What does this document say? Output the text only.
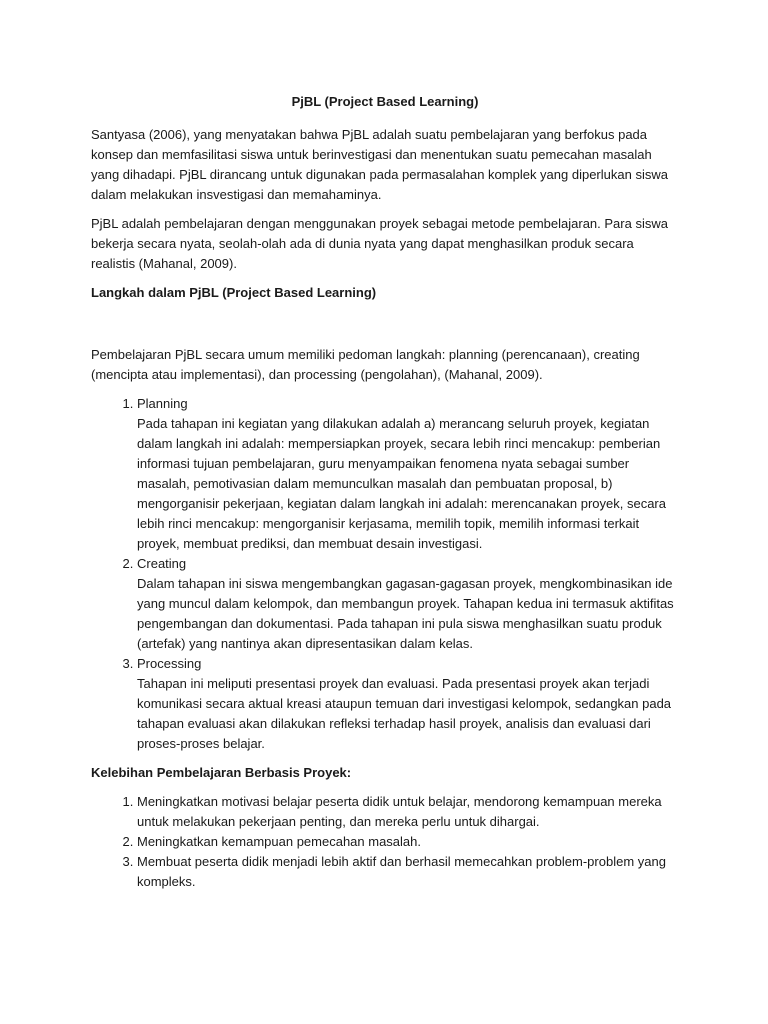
PjBL (Project Based Learning)

Santyasa (2006), yang menyatakan bahwa PjBL adalah suatu pembelajaran yang berfokus pada konsep dan memfasilitasi siswa untuk berinvestigasi dan menentukan suatu pemecahan masalah yang dihadapi. PjBL dirancang untuk digunakan pada permasalahan komplek yang diperlukan siswa dalam melakukan insvestigasi dan memahaminya.

PjBL adalah pembelajaran dengan menggunakan proyek sebagai metode pembelajaran. Para siswa bekerja secara nyata, seolah-olah ada di dunia nyata yang dapat menghasilkan produk secara realistis (Mahanal, 2009).

Langkah dalam PjBL (Project Based Learning)

Pembelajaran PjBL secara umum memiliki pedoman langkah: planning (perencanaan), creating (mencipta atau implementasi), dan processing (pengolahan), (Mahanal, 2009).

1. Planning
Pada tahapan ini kegiatan yang dilakukan adalah a) merancang seluruh proyek, kegiatan dalam langkah ini adalah: mempersiapkan proyek, secara lebih rinci mencakup: pemberian informasi tujuan pembelajaran, guru menyampaikan fenomena nyata sebagai sumber masalah, pemotivasian dalam memunculkan masalah dan pembuatan proposal, b) mengorganisir pekerjaan, kegiatan dalam langkah ini adalah: merencanakan proyek, secara lebih rinci mencakup: mengorganisir kerjasama, memilih topik, memilih informasi terkait proyek, membuat prediksi, dan membuat desain investigasi.
2. Creating
Dalam tahapan ini siswa mengembangkan gagasan-gagasan proyek, mengkombinasikan ide yang muncul dalam kelompok, dan membangun proyek. Tahapan kedua ini termasuk aktifitas pengembangan dan dokumentasi. Pada tahapan ini pula siswa menghasilkan suatu produk (artefak) yang nantinya akan dipresentasikan dalam kelas.
3. Processing
Tahapan ini meliputi presentasi proyek dan evaluasi. Pada presentasi proyek akan terjadi komunikasi secara aktual kreasi ataupun temuan dari investigasi kelompok, sedangkan pada tahapan evaluasi akan dilakukan refleksi terhadap hasil proyek, analisis dan evaluasi dari proses-proses belajar.
Kelebihan Pembelajaran Berbasis Proyek:
1. Meningkatkan motivasi belajar peserta didik untuk belajar, mendorong kemampuan mereka untuk melakukan pekerjaan penting, dan mereka perlu untuk dihargai.
2. Meningkatkan kemampuan pemecahan masalah.
3. Membuat peserta didik menjadi lebih aktif dan berhasil memecahkan problem-problem yang kompleks.
